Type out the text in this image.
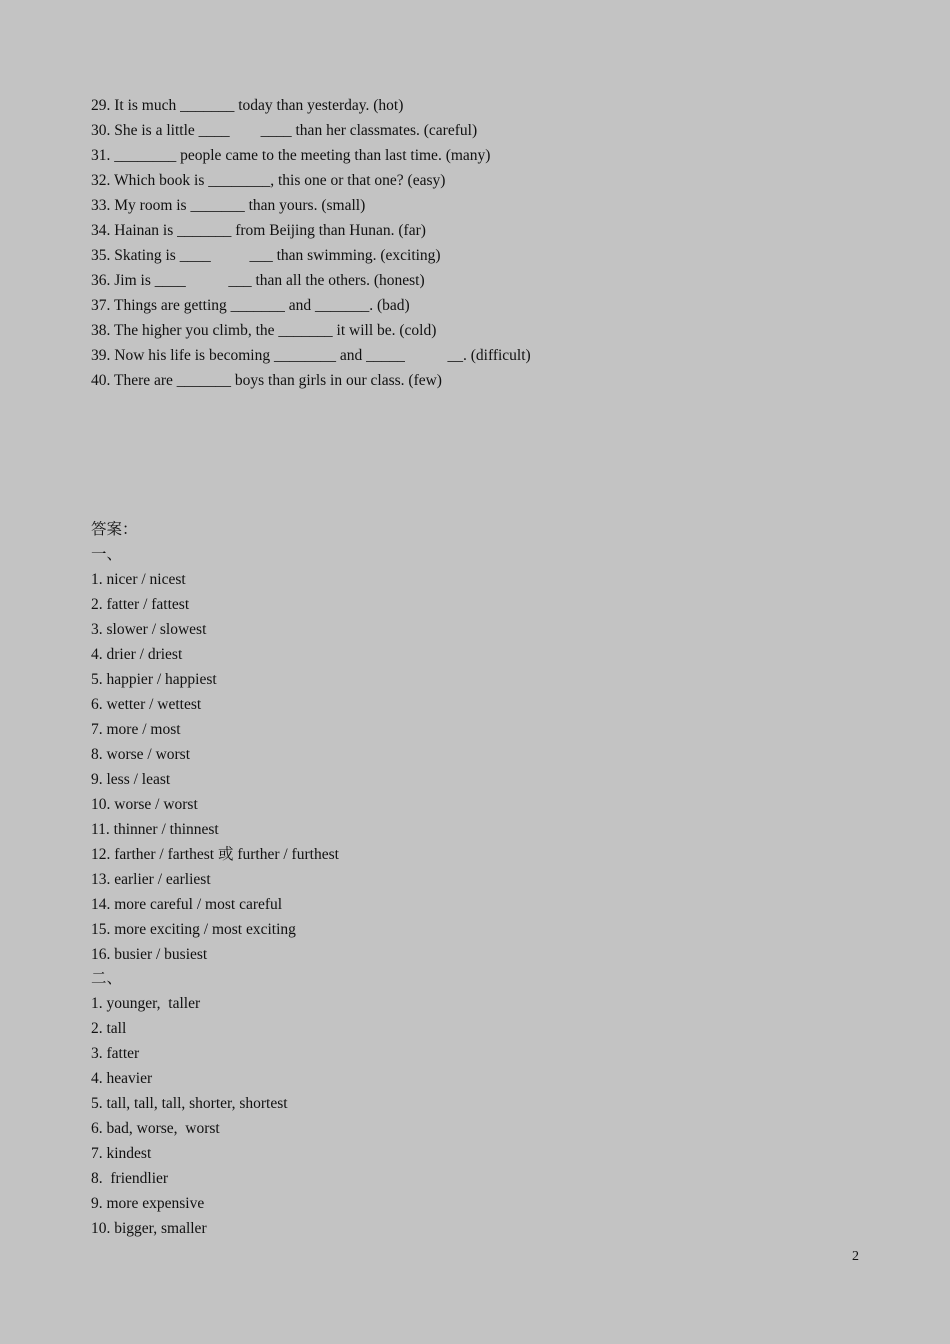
29. It is much _______ today than yesterday. (hot)
30. She is a little ____        ____ than her classmates. (careful)
31. ________ people came to the meeting than last time. (many)
32. Which book is ________, this one or that one? (easy)
33. My room is _______ than yours. (small)
34. Hainan is _______ from Beijing than Hunan. (far)
35. Skating is ____          ___ than swimming. (exciting)
36. Jim is ____           ___ than all the others. (honest)
37. Things are getting _______ and _______. (bad)
38. The higher you climb, the _______ it will be. (cold)
39. Now his life is becoming ________ and _____           __. (difficult)
40. There are _______ boys than girls in our class. (few)
答案：
一、
1. nicer / nicest
2. fatter / fattest
3. slower / slowest
4. drier / driest
5. happier / happiest
6. wetter / wettest
7. more / most
8. worse / worst
9. less / least
10. worse / worst
11. thinner / thinnest
12. farther / farthest 或 further / furthest
13. earlier / earliest
14. more careful / most careful
15. more exciting / most exciting
16. busier / busiest
二、
1. younger,  taller
2. tall
3. fatter
4. heavier
5. tall, tall, tall, shorter, shortest
6. bad, worse,  worst
7. kindest
8.  friendlier
9. more expensive
10. bigger, smaller
2
